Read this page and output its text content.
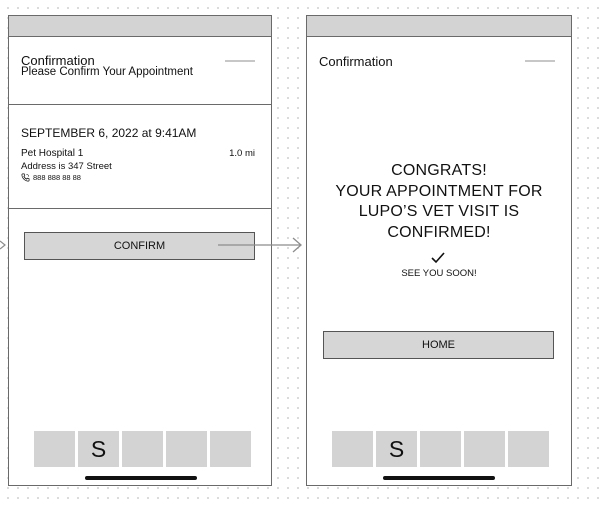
Confirmation
Please Confirm Your Appointment
SEPTEMBER 6, 2022 at 9:41AM
Pet Hospital 1	1.0 mi
Address is 347 Street
888 888 88 88
CONFIRM
S
Confirmation
CONGRATS!
YOUR APPOINTMENT FOR
LUPO’S VET VISIT IS
CONFIRMED!
SEE YOU SOON!
HOME
S
